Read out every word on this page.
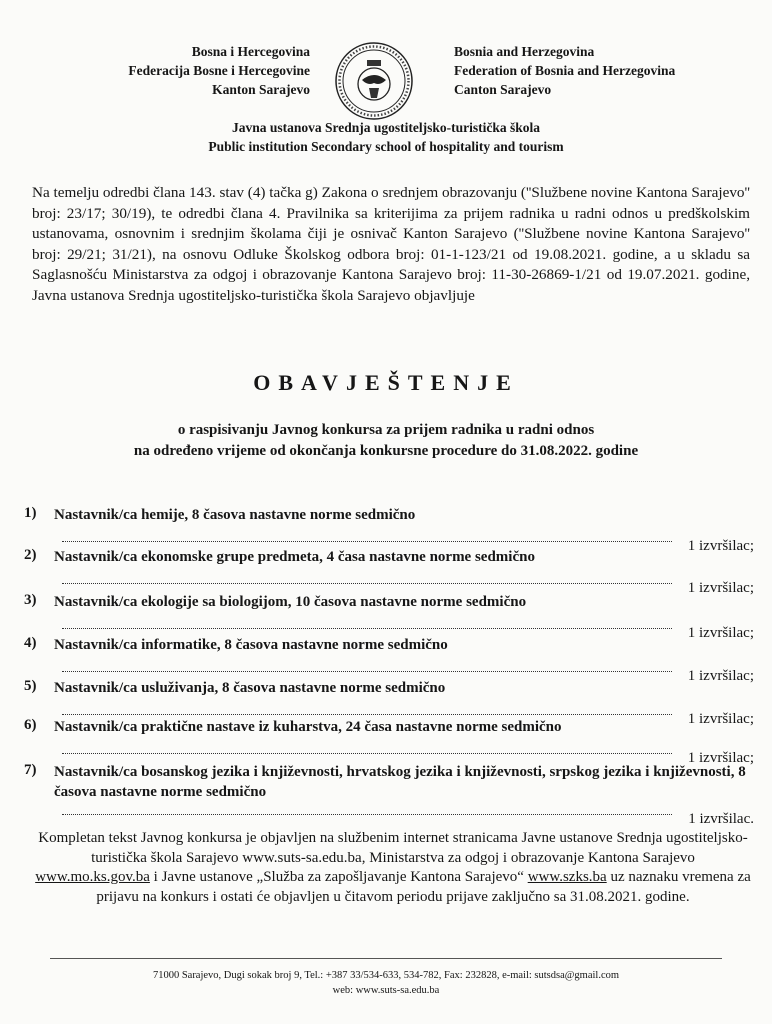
Bosna i Hercegovina
Federacija Bosne i Hercegovine
Kanton Sarajevo
Bosnia and Herzegovina
Federation of Bosnia and Herzegovina
Canton Sarajevo
Javna ustanova Srednja ugostiteljsko-turistička škola
Public institution Secondary school of hospitality and tourism
Na temelju odredbi člana 143. stav (4) tačka g) Zakona o srednjem obrazovanju (''Službene novine Kantona Sarajevo'' broj: 23/17; 30/19), te odredbi člana 4. Pravilnika sa kriterijima za prijem radnika u radni odnos u predškolskim ustanovama, osnovnim i srednjim školama čiji je osnivač Kanton Sarajevo (''Službene novine Kantona Sarajevo'' broj: 29/21; 31/21), na osnovu Odluke Školskog odbora broj: 01-1-123/21 od 19.08.2021. godine, a u skladu sa Saglasnošću Ministarstva za odgoj i obrazovanje Kantona Sarajevo broj: 11-30-26869-1/21 od 19.07.2021. godine, Javna ustanova Srednja ugostiteljsko-turistička škola Sarajevo objavljuje
OBAVJEŠTENJE
o raspisivanju Javnog konkursa za prijem radnika u radni odnos
na određeno vrijeme od okončanja konkursne procedure do 31.08.2022. godine
1)	Nastavnik/ca hemije, 8 časova nastavne norme sedmično
1 izvršilac;
2)	Nastavnik/ca ekonomske grupe predmeta, 4 časa nastavne norme sedmično
1 izvršilac;
3)	Nastavnik/ca ekologije sa biologijom, 10 časova nastavne norme sedmično
1 izvršilac;
4)	Nastavnik/ca informatike, 8 časova nastavne norme sedmično
1 izvršilac;
5)	Nastavnik/ca usluživanja, 8 časova nastavne norme sedmično
1 izvršilac;
6)	Nastavnik/ca praktične nastave iz kuharstva, 24 časa nastavne norme sedmično
1 izvršilac;
7)	Nastavnik/ca bosanskog jezika i književnosti, hrvatskog jezika i književnosti, srpskog jezika i književnosti, 8 časova nastavne norme sedmično
1 izvršilac.
Kompletan tekst Javnog konkursa je objavljen na službenim internet stranicama Javne ustanove Srednja ugostiteljsko-turistička škola Sarajevo www.suts-sa.edu.ba, Ministarstva za odgoj i obrazovanje Kantona Sarajevo www.mo.ks.gov.ba i Javne ustanove „Služba za zapošljavanje Kantona Sarajevo“ www.szks.ba uz naznaku vremena za prijavu na konkurs i ostati će objavljen u čitavom periodu prijave zaključno sa 31.08.2021. godine.
71000 Sarajevo, Dugi sokak broj 9, Tel.: +387 33/534-633, 534-782, Fax: 232828, e-mail: sutsdsa@gmail.com
web: www.suts-sa.edu.ba
